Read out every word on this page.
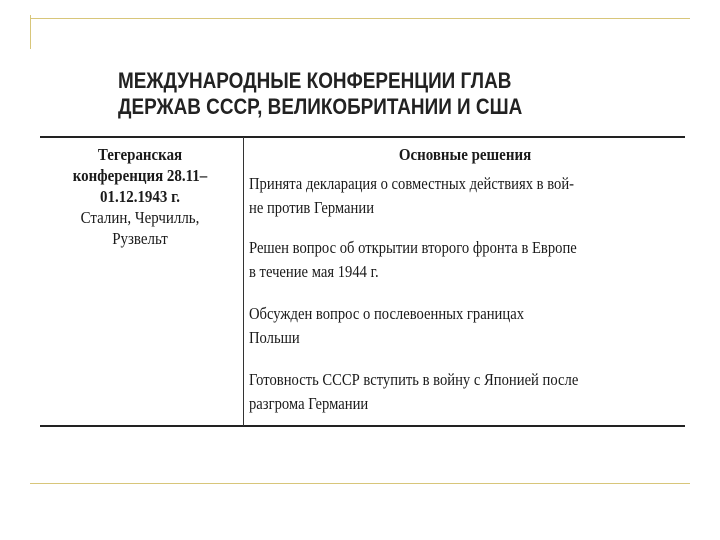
МЕЖДУНАРОДНЫЕ КОНФЕРЕНЦИИ ГЛАВ
ДЕРЖАВ СССР, ВЕЛИКОБРИТАНИИ И США
Тегеранская
конференция 28.11–
01.12.1943 г.
Сталин, Черчилль,
Рузвельт
Основные решения
Принята декларация о совместных действиях в вой-
не против Германии
Решен вопрос об открытии второго фронта в Европе
в течение мая 1944 г.
Обсужден вопрос о послевоенных границах
Польши
Готовность СССР вступить в войну с Японией после
разгрома Германии
